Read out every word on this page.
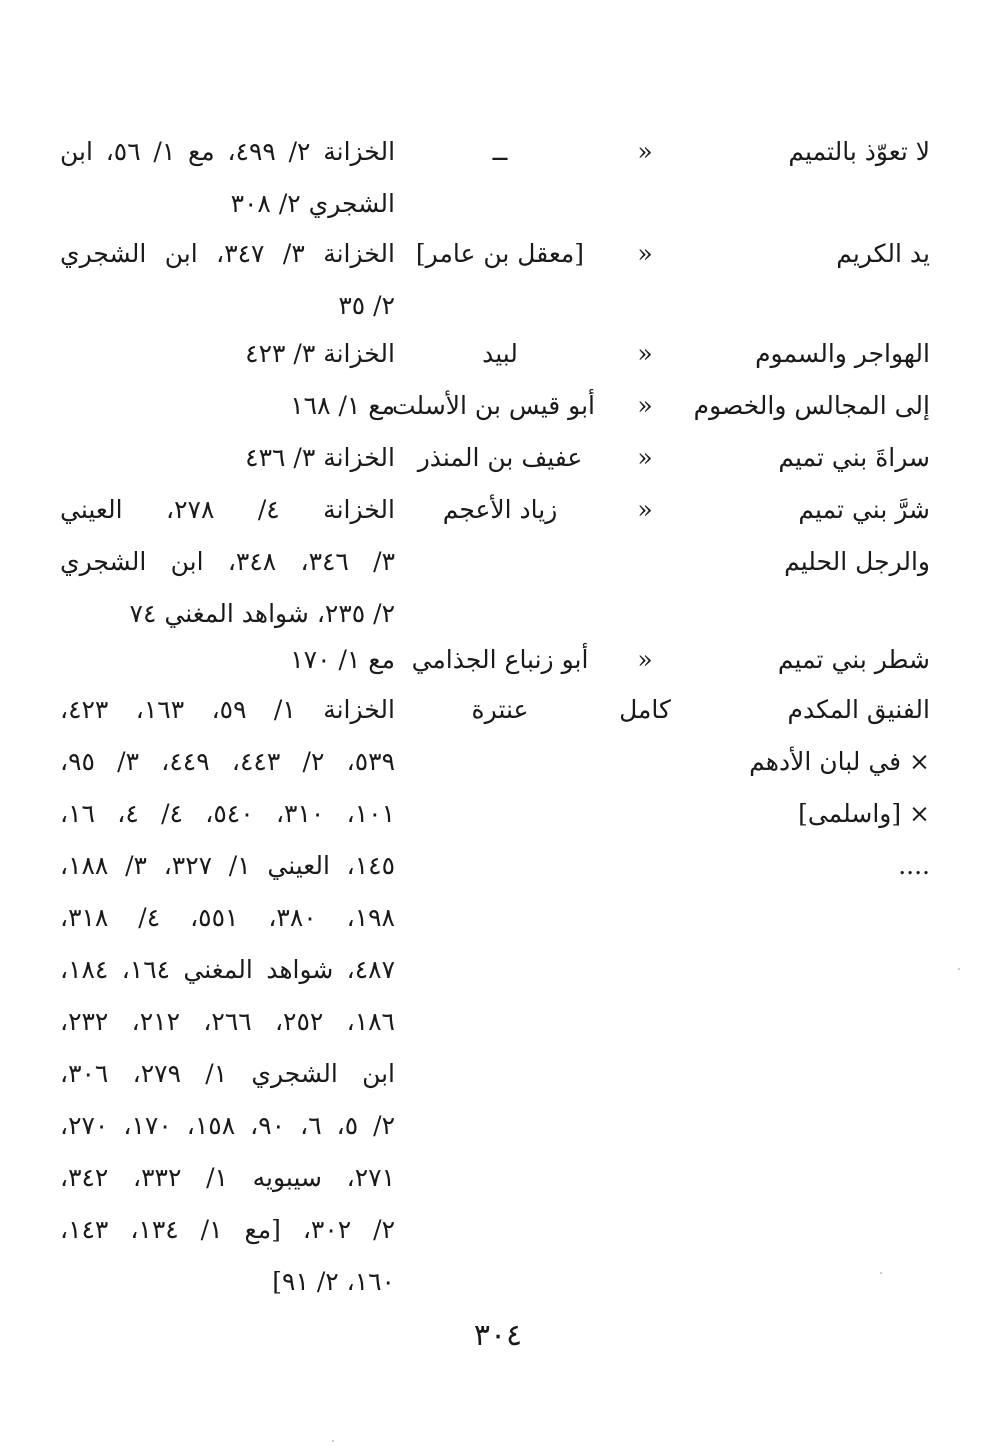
لا تعوّذ بالتميم
«
ــ
الخزانة ٢/ ٤٩٩، مع ١/ ٥٦، ابن
الشجري ٢/ ٣٠٨
يد الكريم
«
[معقل بن عامر]
الخزانة ٣/ ٣٤٧، ابن الشجري
٢/ ٣٥
الهواجر والسموم
«
لبيد
الخزانة ٣/ ٤٢٣
إلى المجالس والخصوم
«
أبو قيس بن الأسلت
مع ١/ ١٦٨
سراةَ بني تميم
«
عفيف بن المنذر
الخزانة ٣/ ٤٣٦
شرَّ بني تميم
والرجل الحليم
«
زياد الأعجم
الخزانة ٤/ ٢٧٨، العيني
٣/ ٣٤٦، ٣٤٨، ابن الشجري
٢/ ٢٣٥، شواهد المغني ٧٤
شطر بني تميم
«
أبو زنباع الجذامي
مع ١/ ١٧٠
الفنيق المكدم
× في لبان الأدهم
× [واسلمى]
....
كامل
عنترة
الخزانة ١/ ٥٩، ١٦٣، ٤٢٣،
٥٣٩، ٢/ ٤٤٣، ٤٤٩، ٣/ ٩٥،
١٠١، ٣١٠، ٥٤٠، ٤/ ٤، ١٦،
١٤٥، العيني ١/ ٣٢٧، ٣/ ١٨٨،
١٩٨، ٣٨٠، ٥٥١، ٤/ ٣١٨،
٤٨٧، شواهد المغني ١٦٤، ١٨٤،
١٨٦، ٢٥٢، ٢٦٦، ٢١٢، ٢٣٢،
ابن الشجري ١/ ٢٧٩، ٣٠٦،
٢/ ٥، ٦، ٩٠، ١٥٨، ١٧٠، ٢٧٠،
٢٧١، سيبويه ١/ ٣٣٢، ٣٤٢،
٢/ ٣٠٢، [مع ١/ ١٣٤، ١٤٣،
١٦٠، ٢/ ٩١]
٣٠٤
